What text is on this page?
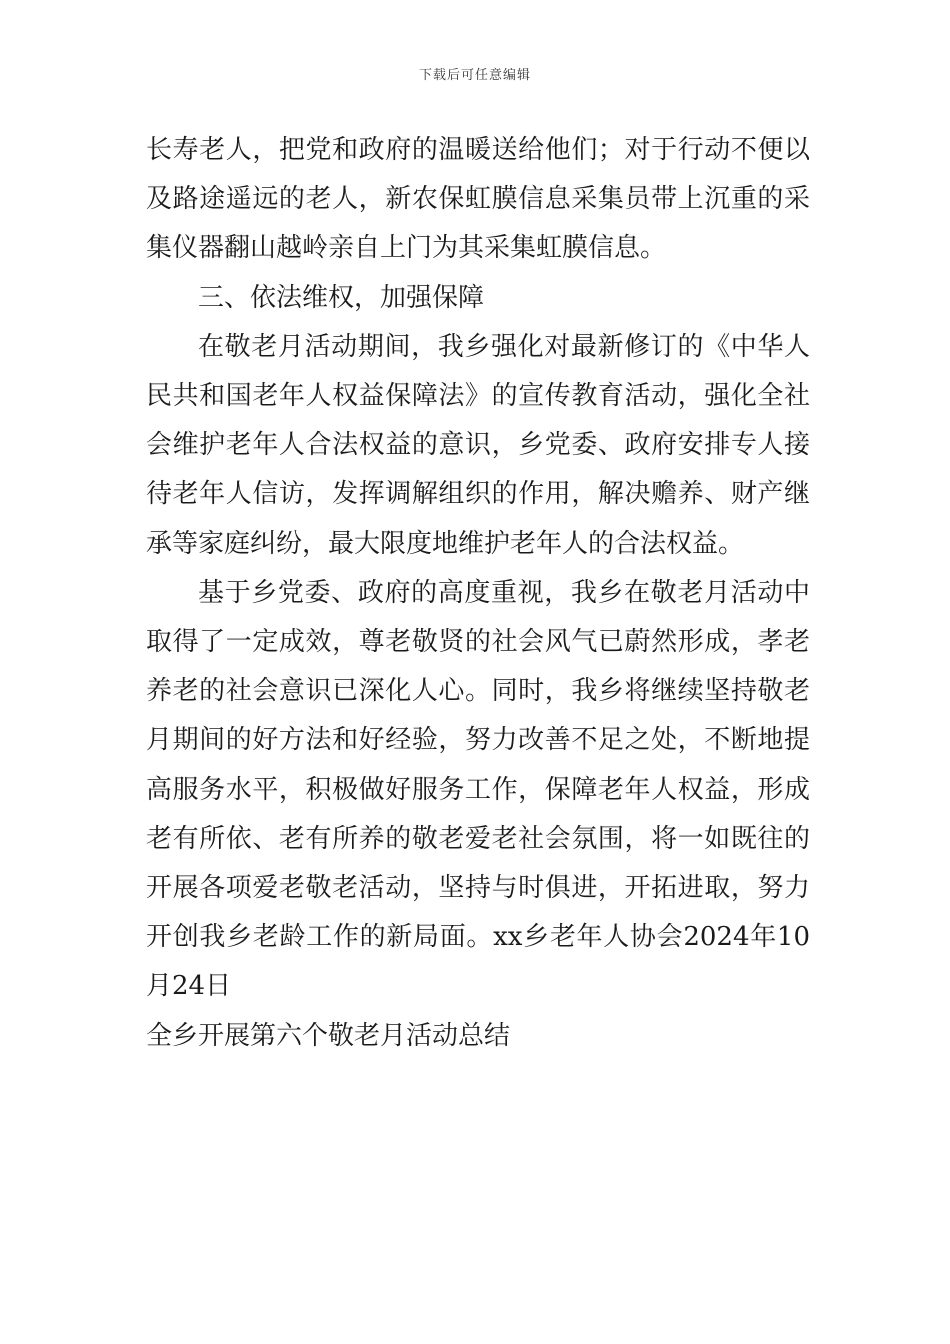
下载后可任意编辑

长寿老人，把党和政府的温暖送给他们；对于行动不便以及路途遥远的老人，新农保虹膜信息采集员带上沉重的采集仪器翻山越岭亲自上门为其采集虹膜信息。

三、依法维权，加强保障

在敬老月活动期间，我乡强化对最新修订的《中华人民共和国老年人权益保障法》的宣传教育活动，强化全社会维护老年人合法权益的意识，乡党委、政府安排专人接待老年人信访，发挥调解组织的作用，解决赡养、财产继承等家庭纠纷，最大限度地维护老年人的合法权益。

基于乡党委、政府的高度重视，我乡在敬老月活动中取得了一定成效，尊老敬贤的社会风气已蔚然形成，孝老养老的社会意识已深化人心。同时，我乡将继续坚持敬老月期间的好方法和好经验，努力改善不足之处，不断地提高服务水平，积极做好服务工作，保障老年人权益，形成老有所依、老有所养的敬老爱老社会氛围，将一如既往的开展各项爱老敬老活动，坚持与时俱进，开拓进取，努力开创我乡老龄工作的新局面。xx乡老年人协会2024年10月24日

全乡开展第六个敬老月活动总结
